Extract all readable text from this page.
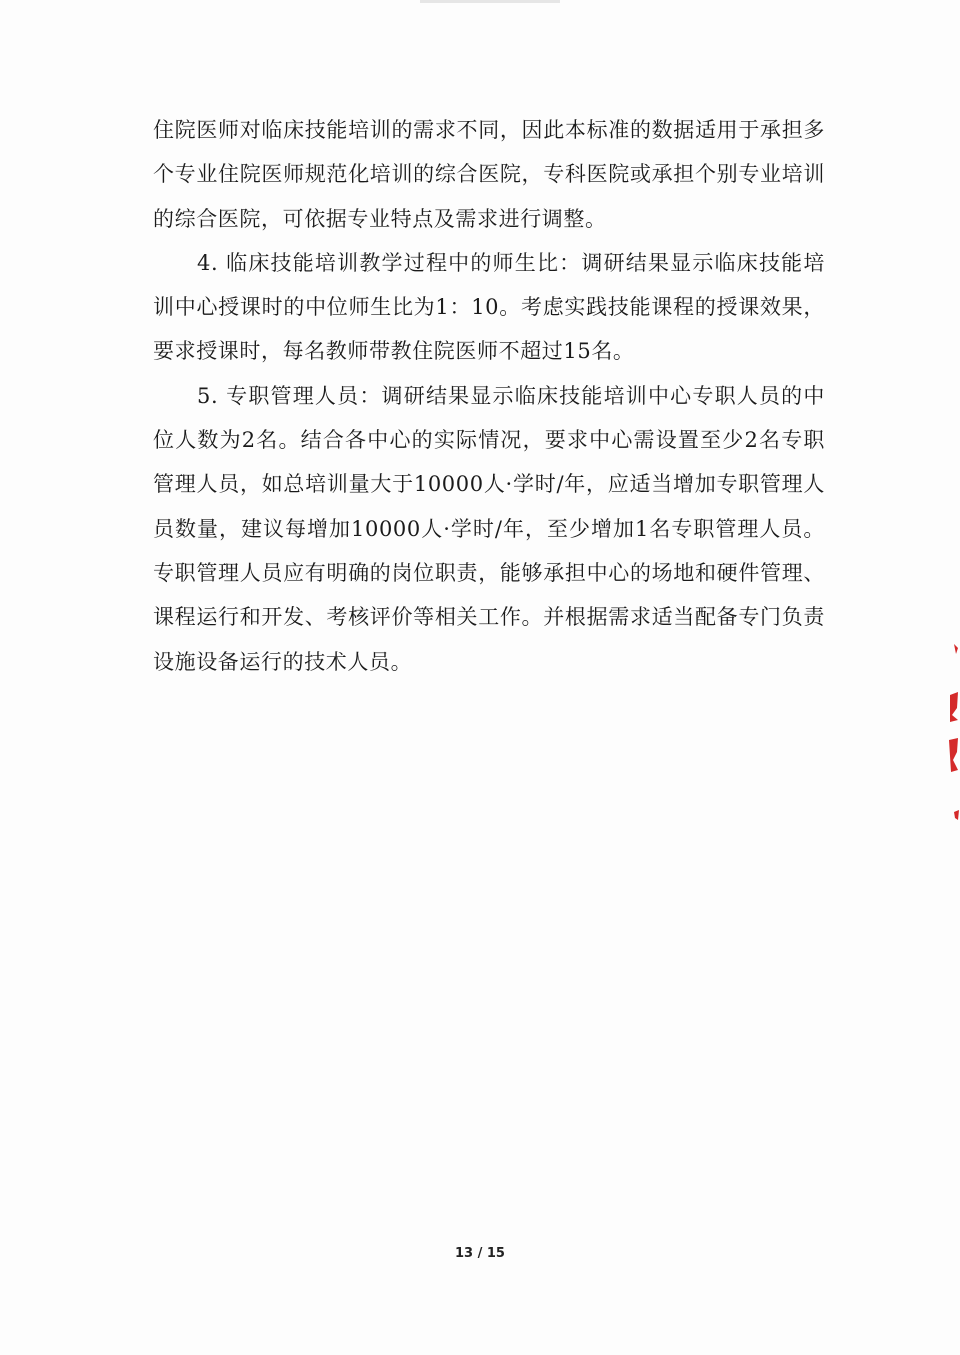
住院医师对临床技能培训的需求不同，因此本标准的数据适用于承担多个专业住院医师规范化培训的综合医院，专科医院或承担个别专业培训的综合医院，可依据专业特点及需求进行调整。

4. 临床技能培训教学过程中的师生比：调研结果显示临床技能培训中心授课时的中位师生比为1：10。考虑实践技能课程的授课效果，要求授课时，每名教师带教住院医师不超过15名。

5. 专职管理人员：调研结果显示临床技能培训中心专职人员的中位人数为2名。结合各中心的实际情况，要求中心需设置至少2名专职管理人员，如总培训量大于10000人·学时/年，应适当增加专职管理人员数量，建议每增加10000人·学时/年，至少增加1名专职管理人员。专职管理人员应有明确的岗位职责，能够承担中心的场地和硬件管理、课程运行和开发、考核评价等相关工作。并根据需求适当配备专门负责设施设备运行的技术人员。

13 / 15
